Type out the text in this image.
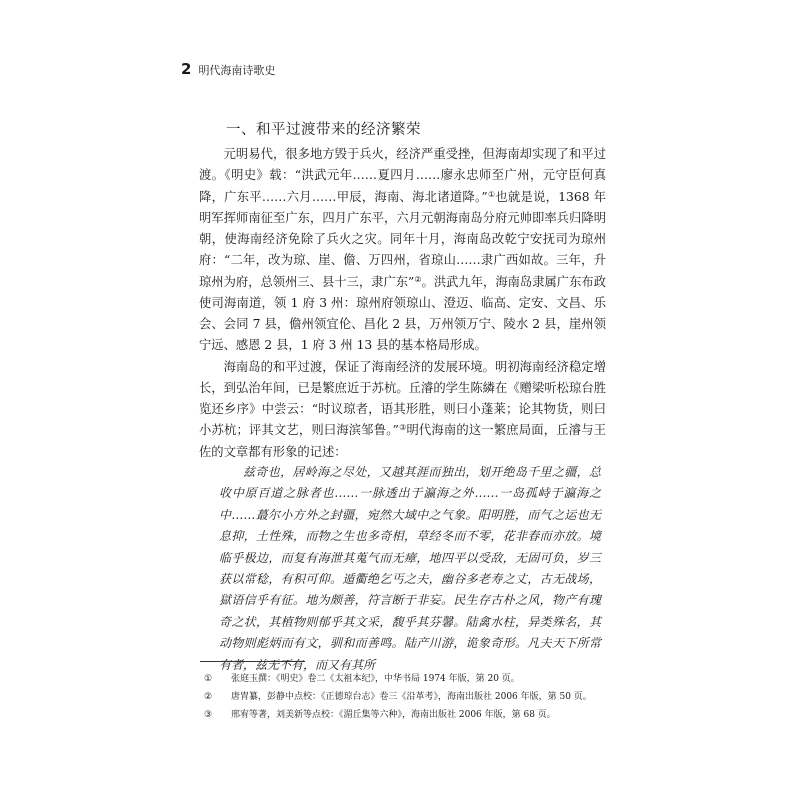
2 明代海南诗歌史
一、和平过渡带来的经济繁荣

元明易代，很多地方毁于兵火，经济严重受挫，但海南却实现了和平过渡。《明史》载：“洪武元年……夏四月……廖永忠师至广州，元守臣何真降，广东平……六月……甲辰，海南、海北诸道降。”①也就是说，1368 年明军挥师南征至广东，四月广东平，六月元朝海南岛分府元帅即率兵归降明朝，使海南经济免除了兵火之灾。同年十月，海南岛改乾宁安抚司为琼州府：“二年，改为琼、崖、儋、万四州，省琼山……隶广西如故。三年，升琼州为府，总领州三、县十三，隶广东”②。洪武九年，海南岛隶属广东布政使司海南道，领 1 府 3 州：琼州府领琼山、澄迈、临高、定安、文昌、乐会、会同 7 县，儋州领宜伦、昌化 2 县，万州领万宁、陵水 2 县，崖州领宁远、感恩 2 县，1 府 3 州 13 县的基本格局形成。

海南岛的和平过渡，保证了海南经济的发展环境。明初海南经济稳定增长，到弘治年间，已是繁庶近于苏杭。丘濬的学生陈繗在《赠梁听松琼台胜览还乡序》中尝云：“时议琼者，语其形胜，则曰小蓬莱；论其物货，则曰小苏杭；评其文艺，则曰海滨邹鲁。”③明代海南的这一繁庶局面，丘濬与王佐的文章都有形象的记述：

兹奇也，居岭海之尽处，又越其涯而独出，划开绝岛千里之疆，总收中原百道之脉者也……一脉透出于瀛海之外……一岛孤峙于瀛海之中……蕞尔小方外之封疆，宛然大域中之气象。阳明胜，而气之运也无息抑，土性殊，而物之生也多奇相，草经冬而不零，花非春而亦放。境临乎极边，而复有海泄其蒐气而无瘴，地四平以受敌，无固可负，岁三获以常稔，有积可仰。遁衢绝乞丐之夫，幽谷多老寿之丈，古无战场，獄语信乎有征。地为颇善，符言断于非妄。民生存古朴之风，物产有瑰奇之状，其植物则郁乎其文采，馥乎其芬馨。陆禽水柱，异类殊名，其动物则彪炳而有文，驯和而善鸣。陆产川游，诡象奇形。凡夫天下所常有者，兹无不有，而又有其所

① 张庭玉撰：《明史》卷二《太祖本纪》，中华书局 1974 年版，第 20 页。
② 唐胄纂，彭静中点校：《正德琼台志》卷三《沿革考》，海南出版社 2006 年版，第 50 页。
③ 邢宥等著，刘美新等点校：《湄丘集等六种》，海南出版社 2006 年版，第 68 页。
